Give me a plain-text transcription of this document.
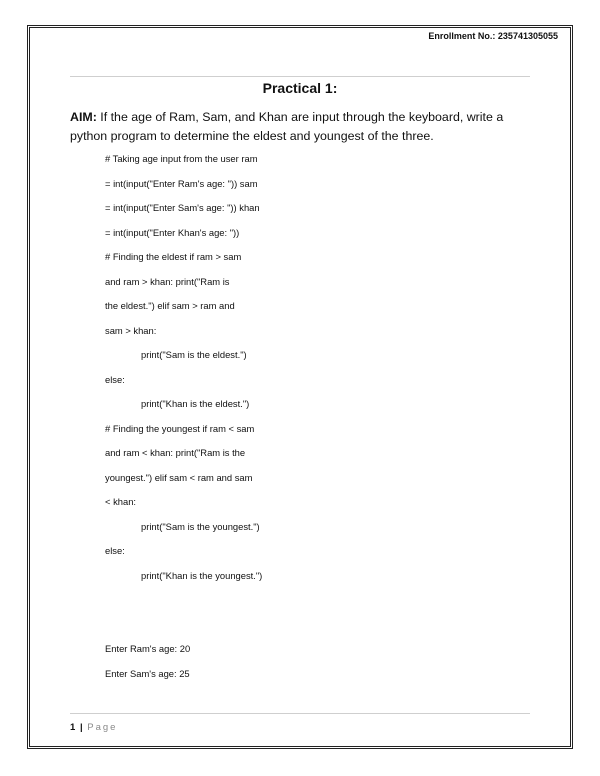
Enrollment No.: 235741305055
Practical 1:
AIM: If the age of Ram, Sam, and Khan are input through the keyboard, write a python program to determine the eldest and youngest of the three.
# Taking age input from the user ram
= int(input("Enter Ram's age: ")) sam
= int(input("Enter Sam's age: ")) khan
= int(input("Enter Khan's age: "))
# Finding the eldest if ram > sam
and ram > khan: print("Ram is
the eldest.") elif sam > ram and
sam > khan:
print("Sam is the eldest.")
else:
print("Khan is the eldest.")
# Finding the youngest if ram < sam
and ram < khan: print("Ram is the
youngest.") elif sam < ram and sam
< khan:
print("Sam is the youngest.")
else:
print("Khan is the youngest.")
Enter Ram's age: 20
Enter Sam's age: 25
1 | Page
